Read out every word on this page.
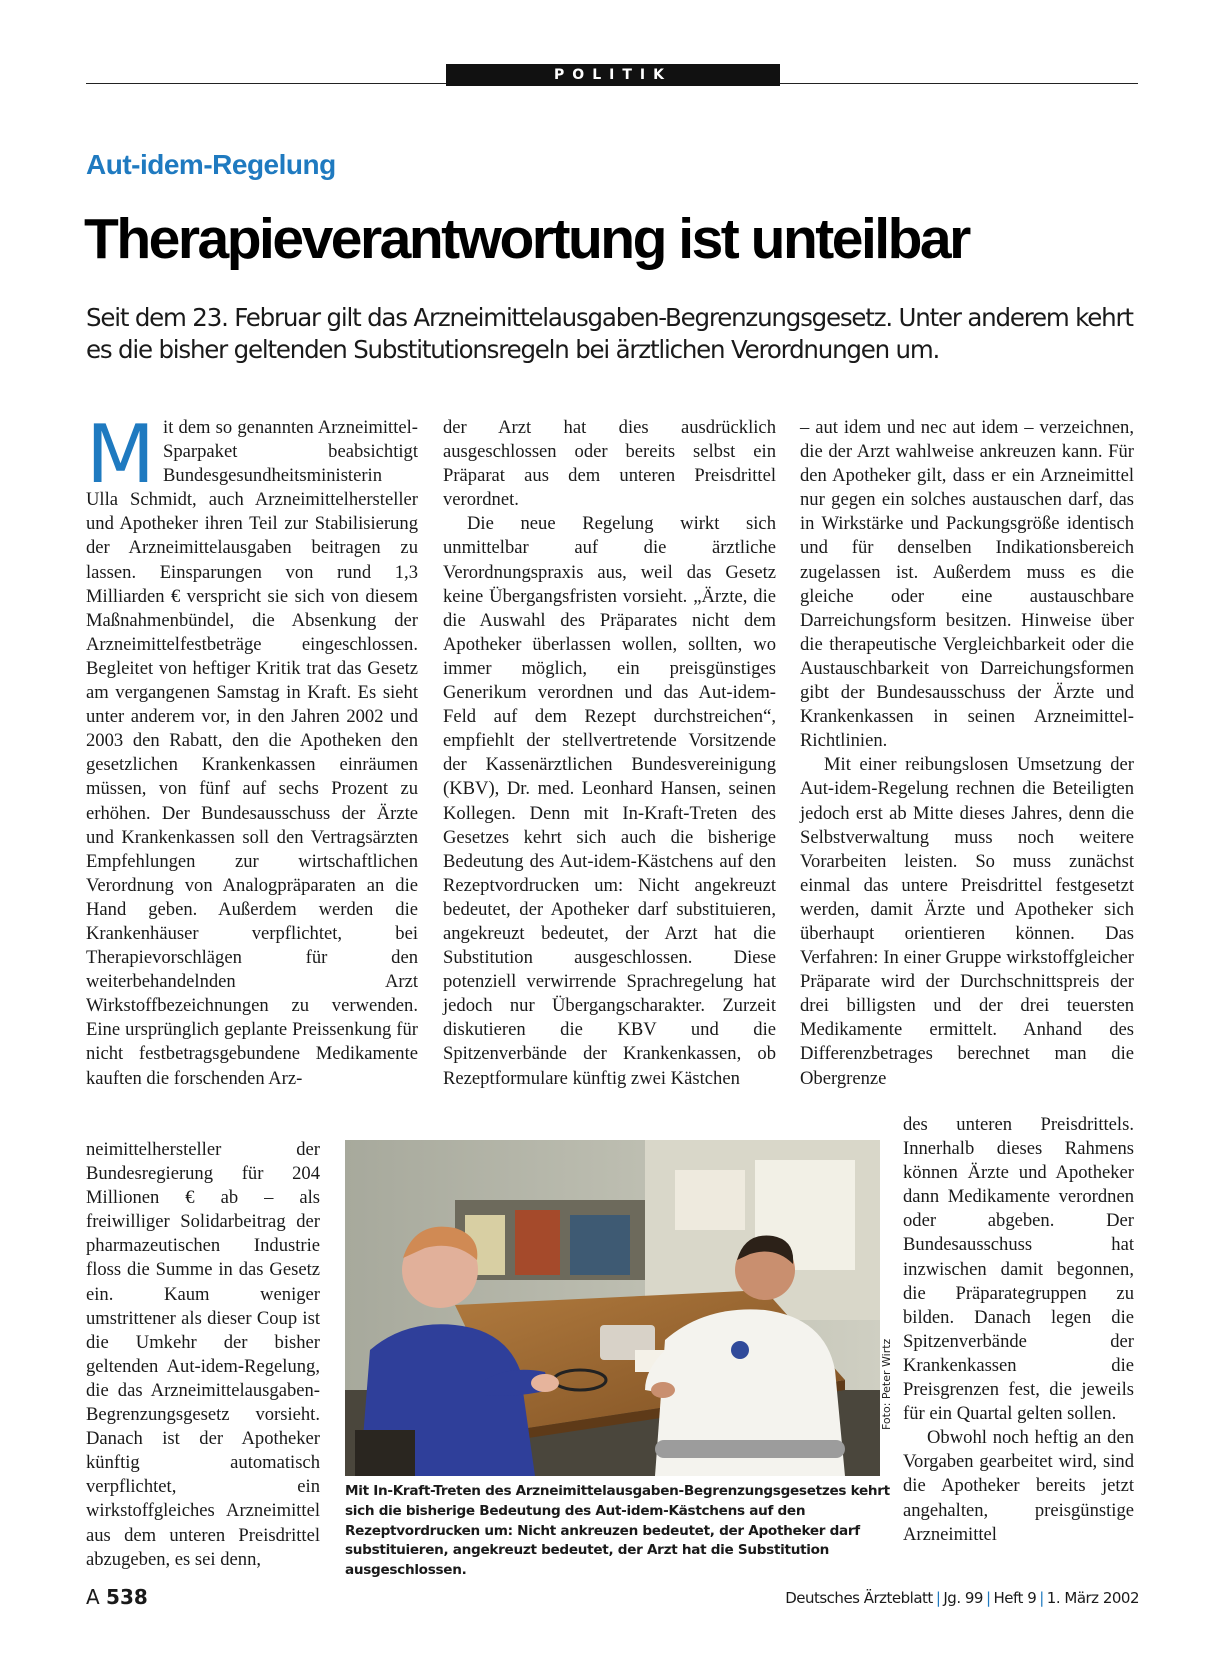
POLITIK
Aut-idem-Regelung
Therapieverantwortung ist unteilbar
Seit dem 23. Februar gilt das Arzneimittelausgaben-Begrenzungsgesetz. Unter anderem kehrt es die bisher geltenden Substitutionsregeln bei ärztlichen Verordnungen um.

Mit dem so genannten Arzneimittel-Sparpaket beabsichtigt Bundesgesundheitsministerin Ulla Schmidt, auch Arzneimittelhersteller und Apotheker ihren Teil zur Stabilisierung der Arzneimittelausgaben beitragen zu lassen. Einsparungen von rund 1,3 Milliarden € verspricht sie sich von diesem Maßnahmenbündel, die Absenkung der Arzneimittelfestbeträge eingeschlossen. Begleitet von heftiger Kritik trat das Gesetz am vergangenen Samstag in Kraft. Es sieht unter anderem vor, in den Jahren 2002 und 2003 den Rabatt, den die Apotheken den gesetzlichen Krankenkassen einräumen müssen, von fünf auf sechs Prozent zu erhöhen. Der Bundesausschuss der Ärzte und Krankenkassen soll den Vertragsärzten Empfehlungen zur wirtschaftlichen Verordnung von Analogpräparaten an die Hand geben. Außerdem werden die Krankenhäuser verpflichtet, bei Therapievorschlägen für den weiterbehandelnden Arzt Wirkstoffbezeichnungen zu verwenden. Eine ursprünglich geplante Preissenkung für nicht festbetragsgebundene Medikamente kauften die forschenden Arz-

neimittelhersteller der Bundesregierung für 204 Millionen € ab – als freiwilliger Solidarbeitrag der pharmazeutischen Industrie floss die Summe in das Gesetz ein. Kaum weniger umstrittener als dieser Coup ist die Umkehr der bisher geltenden Aut-idem-Regelung, die das Arzneimittelausgaben-Begrenzungsgesetz vorsieht. Danach ist der Apotheker künftig automatisch verpflichtet, ein wirkstoffgleiches Arzneimittel aus dem unteren Preisdrittel abzugeben, es sei denn,

der Arzt hat dies ausdrücklich ausgeschlossen oder bereits selbst ein Präparat aus dem unteren Preisdrittel verordnet.

Die neue Regelung wirkt sich unmittelbar auf die ärztliche Verordnungspraxis aus, weil das Gesetz keine Übergangsfristen vorsieht. „Ärzte, die die Auswahl des Präparates nicht dem Apotheker überlassen wollen, sollten, wo immer möglich, ein preisgünstiges Generikum verordnen und das Aut-idem-Feld auf dem Rezept durchstreichen“, empfiehlt der stellvertretende Vorsitzende der Kassenärztlichen Bundesvereinigung (KBV), Dr. med. Leonhard Hansen, seinen Kollegen. Denn mit In-Kraft-Treten des Gesetzes kehrt sich auch die bisherige Bedeutung des Aut-idem-Kästchens auf den Rezeptvordrucken um: Nicht angekreuzt bedeutet, der Apotheker darf substituieren, angekreuzt bedeutet, der Arzt hat die Substitution ausgeschlossen. Diese potenziell verwirrende Sprachregelung hat jedoch nur Übergangscharakter. Zurzeit diskutieren die KBV und die Spitzenverbände der Krankenkassen, ob Rezeptformulare künftig zwei Kästchen

– aut idem und nec aut idem – verzeichnen, die der Arzt wahlweise ankreuzen kann. Für den Apotheker gilt, dass er ein Arzneimittel nur gegen ein solches austauschen darf, das in Wirkstärke und Packungsgröße identisch und für denselben Indikationsbereich zugelassen ist. Außerdem muss es die gleiche oder eine austauschbare Darreichungsform besitzen. Hinweise über die therapeutische Vergleichbarkeit oder die Austauschbarkeit von Darreichungsformen gibt der Bundesausschuss der Ärzte und Krankenkassen in seinen Arzneimittel-Richtlinien.

Mit einer reibungslosen Umsetzung der Aut-idem-Regelung rechnen die Beteiligten jedoch erst ab Mitte dieses Jahres, denn die Selbstverwaltung muss noch weitere Vorarbeiten leisten. So muss zunächst einmal das untere Preisdrittel festgesetzt werden, damit Ärzte und Apotheker sich überhaupt orientieren können. Das Verfahren: In einer Gruppe wirkstoffgleicher Präparate wird der Durchschnittspreis der drei billigsten und der drei teuersten Medikamente ermittelt. Anhand des Differenzbetrages berechnet man die Obergrenze

des unteren Preisdrittels. Innerhalb dieses Rahmens können Ärzte und Apotheker dann Medikamente verordnen oder abgeben. Der Bundesausschuss hat inzwischen damit begonnen, die Präparategruppen zu bilden. Danach legen die Spitzenverbände der Krankenkassen die Preisgrenzen fest, die jeweils für ein Quartal gelten sollen.

Obwohl noch heftig an den Vorgaben gearbeitet wird, sind die Apotheker bereits jetzt angehalten, preisgünstige Arzneimittel

Foto: Peter Wirtz
Mit In-Kraft-Treten des Arzneimittelausgaben-Begrenzungsgesetzes kehrt sich die bisherige Bedeutung des Aut-idem-Kästchens auf den Rezeptvordrucken um: Nicht ankreuzen bedeutet, der Apotheker darf substituieren, angekreuzt bedeutet, der Arzt hat die Substitution ausgeschlossen.
A 538	Deutsches Ärzteblatt | Jg. 99 | Heft 9 | 1. März 2002
